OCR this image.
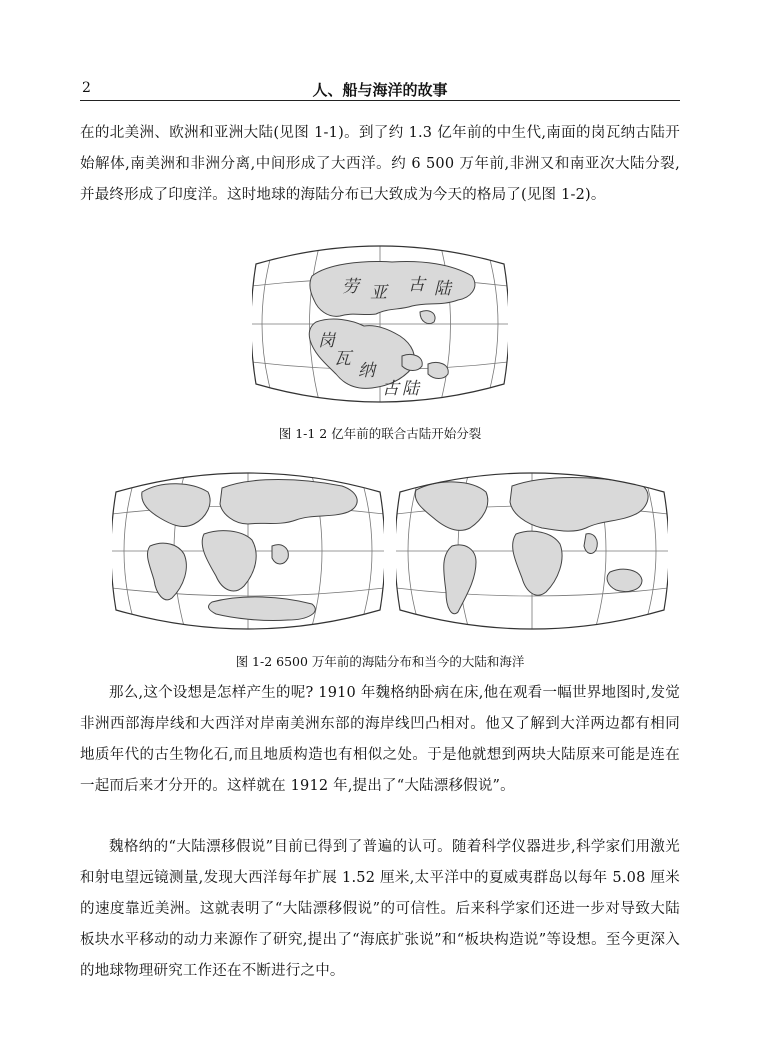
2	人、船与海洋的故事

在的北美洲、欧洲和亚洲大陆(见图 1-1)。到了约 1.3 亿年前的中生代,南面的岗瓦纳古陆开始解体,南美洲和非洲分离,中间形成了大西洋。约 6 500 万年前,非洲又和南亚次大陆分裂,并最终形成了印度洋。这时地球的海陆分布已大致成为今天的格局了(见图 1-2)。

劳 亚 古 陆
岗
瓦
纳
古 陆
图 1-1 2 亿年前的联合古陆开始分裂
图 1-2 6500 万年前的海陆分布和当今的大陆和海洋

那么,这个设想是怎样产生的呢? 1910 年魏格纳卧病在床,他在观看一幅世界地图时,发觉非洲西部海岸线和大西洋对岸南美洲东部的海岸线凹凸相对。他又了解到大洋两边都有相同地质年代的古生物化石,而且地质构造也有相似之处。于是他就想到两块大陆原来可能是连在一起而后来才分开的。这样就在 1912 年,提出了“大陆漂移假说”。

魏格纳的“大陆漂移假说”目前已得到了普遍的认可。随着科学仪器进步,科学家们用激光和射电望远镜测量,发现大西洋每年扩展 1.52 厘米,太平洋中的夏威夷群岛以每年 5.08 厘米的速度靠近美洲。这就表明了“大陆漂移假说”的可信性。后来科学家们还进一步对导致大陆板块水平移动的动力来源作了研究,提出了“海底扩张说”和“板块构造说”等设想。至今更深入的地球物理研究工作还在不断进行之中。
